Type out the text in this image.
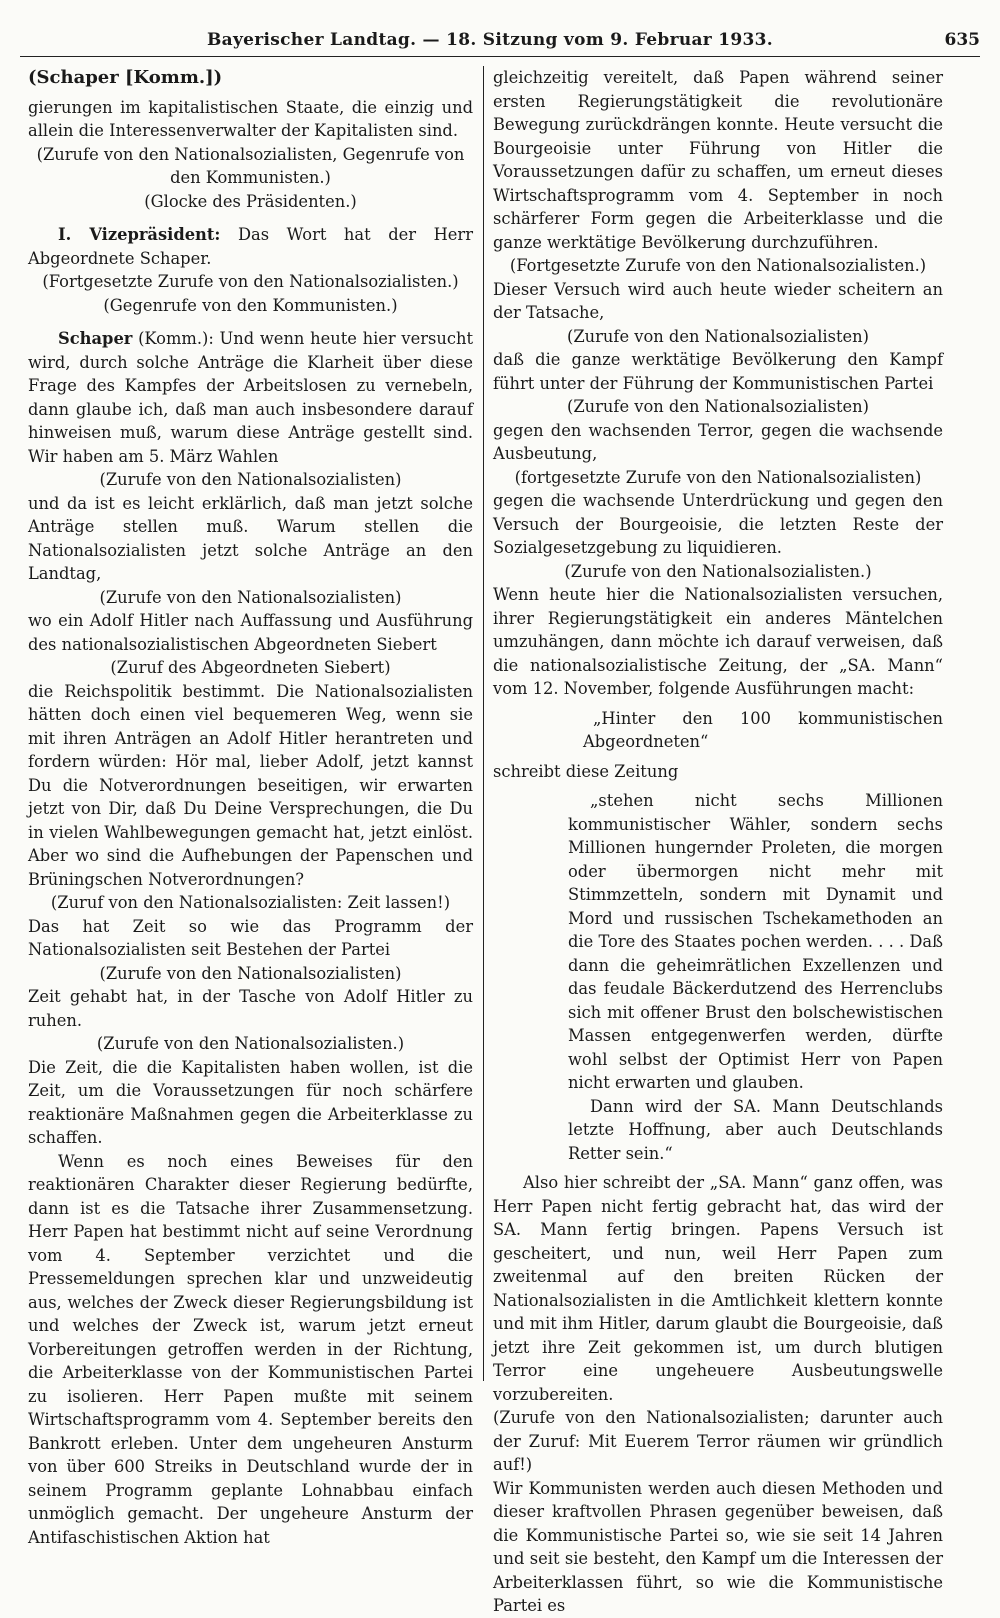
Bayerischer Landtag. — 18. Sitzung vom 9. Februar 1933.	635
(Schaper [Komm.])

gierungen im kapitalistischen Staate, die einzig und allein die Interessenverwalter der Kapitalisten sind.

(Zurufe von den Nationalsozialisten, Gegenrufe von den Kommunisten.)

(Glocke des Präsidenten.)

I. Vizepräsident: Das Wort hat der Herr Abgeordnete Schaper.

(Fortgesetzte Zurufe von den Nationalsozialisten.)

(Gegenrufe von den Kommunisten.)

Schaper (Komm.): Und wenn heute hier versucht wird, durch solche Anträge die Klarheit über diese Frage des Kampfes der Arbeitslosen zu vernebeln, dann glaube ich, daß man auch insbesondere darauf hinweisen muß, warum diese Anträge gestellt sind. Wir haben am 5. März Wahlen

(Zurufe von den Nationalsozialisten)

und da ist es leicht erklärlich, daß man jetzt solche Anträge stellen muß. Warum stellen die Nationalsozialisten jetzt solche Anträge an den Landtag,

(Zurufe von den Nationalsozialisten)

wo ein Adolf Hitler nach Auffassung und Ausführung des nationalsozialistischen Abgeordneten Siebert

(Zuruf des Abgeordneten Siebert)

die Reichspolitik bestimmt. Die Nationalsozialisten hätten doch einen viel bequemeren Weg, wenn sie mit ihren Anträgen an Adolf Hitler herantreten und fordern würden: Hör mal, lieber Adolf, jetzt kannst Du die Notverordnungen beseitigen, wir erwarten jetzt von Dir, daß Du Deine Versprechungen, die Du in vielen Wahlbewegungen gemacht hat, jetzt einlöst. Aber wo sind die Aufhebungen der Papenschen und Brüningschen Notverordnungen?

(Zuruf von den Nationalsozialisten: Zeit lassen!)

Das hat Zeit so wie das Programm der Nationalsozialisten seit Bestehen der Partei

(Zurufe von den Nationalsozialisten)

Zeit gehabt hat, in der Tasche von Adolf Hitler zu ruhen.

(Zurufe von den Nationalsozialisten.)

Die Zeit, die die Kapitalisten haben wollen, ist die Zeit, um die Voraussetzungen für noch schärfere reaktionäre Maßnahmen gegen die Arbeiterklasse zu schaffen.

Wenn es noch eines Beweises für den reaktionären Charakter dieser Regierung bedürfte, dann ist es die Tatsache ihrer Zusammensetzung. Herr Papen hat bestimmt nicht auf seine Verordnung vom 4. September verzichtet und die Pressemeldungen sprechen klar und unzweideutig aus, welches der Zweck dieser Regierungsbildung ist und welches der Zweck ist, warum jetzt erneut Vorbereitungen getroffen werden in der Richtung, die Arbeiterklasse von der Kommunistischen Partei zu isolieren. Herr Papen mußte mit seinem Wirtschaftsprogramm vom 4. September bereits den Bankrott erleben. Unter dem ungeheuren Ansturm von über 600 Streiks in Deutschland wurde der in seinem Programm geplante Lohnabbau einfach unmöglich gemacht. Der ungeheure Ansturm der Antifaschistischen Aktion hat

gleichzeitig vereitelt, daß Papen während seiner ersten Regierungstätigkeit die revolutionäre Bewegung zurückdrängen konnte. Heute versucht die Bourgeoisie unter Führung von Hitler die Voraussetzungen dafür zu schaffen, um erneut dieses Wirtschaftsprogramm vom 4. September in noch schärferer Form gegen die Arbeiterklasse und die ganze werktätige Bevölkerung durchzuführen.

(Fortgesetzte Zurufe von den Nationalsozialisten.)

Dieser Versuch wird auch heute wieder scheitern an der Tatsache,

(Zurufe von den Nationalsozialisten)

daß die ganze werktätige Bevölkerung den Kampf führt unter der Führung der Kommunistischen Partei

(Zurufe von den Nationalsozialisten)

gegen den wachsenden Terror, gegen die wachsende Ausbeutung,

(fortgesetzte Zurufe von den Nationalsozialisten)

gegen die wachsende Unterdrückung und gegen den Versuch der Bourgeoisie, die letzten Reste der Sozialgesetzgebung zu liquidieren.

(Zurufe von den Nationalsozialisten.)

Wenn heute hier die Nationalsozialisten versuchen, ihrer Regierungstätigkeit ein anderes Mäntelchen umzuhängen, dann möchte ich darauf verweisen, daß die nationalsozialistische Zeitung, der „SA. Mann“ vom 12. November, folgende Ausführungen macht:

„Hinter den 100 kommunistischen Abgeordneten“

schreibt diese Zeitung

„stehen nicht sechs Millionen kommunistischer Wähler, sondern sechs Millionen hungernder Proleten, die morgen oder übermorgen nicht mehr mit Stimmzetteln, sondern mit Dynamit und Mord und russischen Tschekamethoden an die Tore des Staates pochen werden. . . . Daß dann die geheimrätlichen Exzellenzen und das feudale Bäckerdutzend des Herrenclubs sich mit offener Brust den bolschewistischen Massen entgegenwerfen werden, dürfte wohl selbst der Optimist Herr von Papen nicht erwarten und glauben.

Dann wird der SA. Mann Deutschlands letzte Hoffnung, aber auch Deutschlands Retter sein.“

Also hier schreibt der „SA. Mann“ ganz offen, was Herr Papen nicht fertig gebracht hat, das wird der SA. Mann fertig bringen. Papens Versuch ist gescheitert, und nun, weil Herr Papen zum zweitenmal auf den breiten Rücken der Nationalsozialisten in die Amtlichkeit klettern konnte und mit ihm Hitler, darum glaubt die Bourgeoisie, daß jetzt ihre Zeit gekommen ist, um durch blutigen Terror eine ungeheuere Ausbeutungswelle vorzubereiten.

(Zurufe von den Nationalsozialisten; darunter auch der Zuruf: Mit Euerem Terror räumen wir gründlich auf!)

Wir Kommunisten werden auch diesen Methoden und dieser kraftvollen Phrasen gegenüber beweisen, daß die Kommunistische Partei so, wie sie seit 14 Jahren und seit sie besteht, den Kampf um die Interessen der Arbeiterklassen führt, so wie die Kommunistische Partei es
